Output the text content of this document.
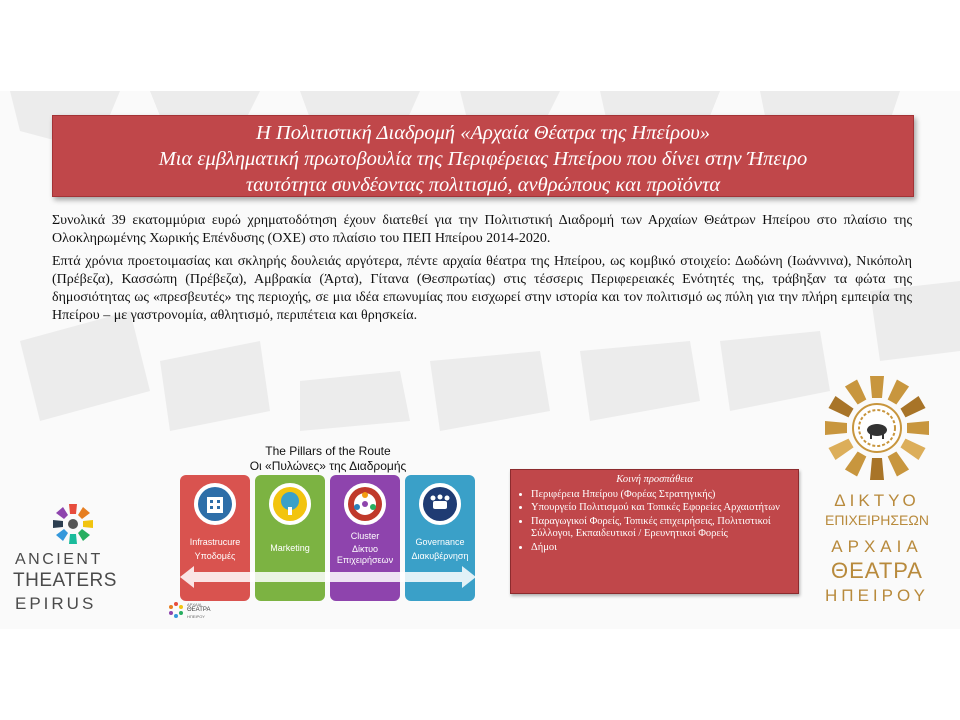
Η Πολιτιστική Διαδρομή «Αρχαία Θέατρα της Ηπείρου»
Μια εμβληματική πρωτοβουλία της Περιφέρειας Ηπείρου που δίνει στην Ήπειρο
ταυτότητα συνδέοντας πολιτισμό, ανθρώπους και προϊόντα

Συνολικά 39 εκατομμύρια ευρώ χρηματοδότηση έχουν διατεθεί για την Πολιτιστική Διαδρομή των Αρχαίων Θεάτρων Ηπείρου στο πλαίσιο της Ολοκληρωμένης Χωρικής Επένδυσης (ΟΧΕ) στο πλαίσιο του ΠΕΠ Ηπείρου 2014-2020.

Επτά χρόνια προετοιμασίας και σκληρής δουλειάς αργότερα, πέντε αρχαία θέατρα της Ηπείρου, ως κομβικό στοιχείο: Δωδώνη (Ιωάννινα), Νικόπολη (Πρέβεζα), Κασσώπη (Πρέβεζα), Αμβρακία (Άρτα), Γίτανα (Θεσπρωτίας) στις τέσσερις Περιφερειακές Ενότητές της, τράβηξαν τα φώτα της δημοσιότητας ως «πρεσβευτές» της περιοχής, σε μια ιδέα επωνυμίας που εισχωρεί στην ιστορία και τον πολιτισμό ως πύλη για την πλήρη εμπειρία της Ηπείρου – με γαστρονομία, αθλητισμό, περιπέτεια και θρησκεία.

The Pillars of the Route
Οι «Πυλώνες» της Διαδρομής
Infrastrucure
Υποδομές
Marketing
Cluster
Δίκτυο Επιχειρήσεων
Governance
Διακυβέρνηση
ΑΡΧΑΙΑ
ΘΕΑΤΡΑ
ΗΠΕΙΡΟΥ
Κοινή προσπάθεια
• Περιφέρεια Ηπείρου (Φορέας Στρατηγικής)
• Υπουργείο Πολιτισμού και Τοπικές Εφορείες Αρχαιοτήτων
• Παραγωγικοί Φορείς, Τοπικές επιχειρήσεις, Πολιτιστικοί Σύλλογοι, Εκπαιδευτικοί / Ερευνητικοί Φορείς
• Δήμοι
ANCIENT
THEATERS
EPIRUS
ΔΙΚΤΥΟ
ΕΠΙΧΕΙΡΗΣΕΩΝ
ΑΡΧΑΙΑ
ΘΕΑΤΡΑ
ΗΠΕΙΡΟΥ
